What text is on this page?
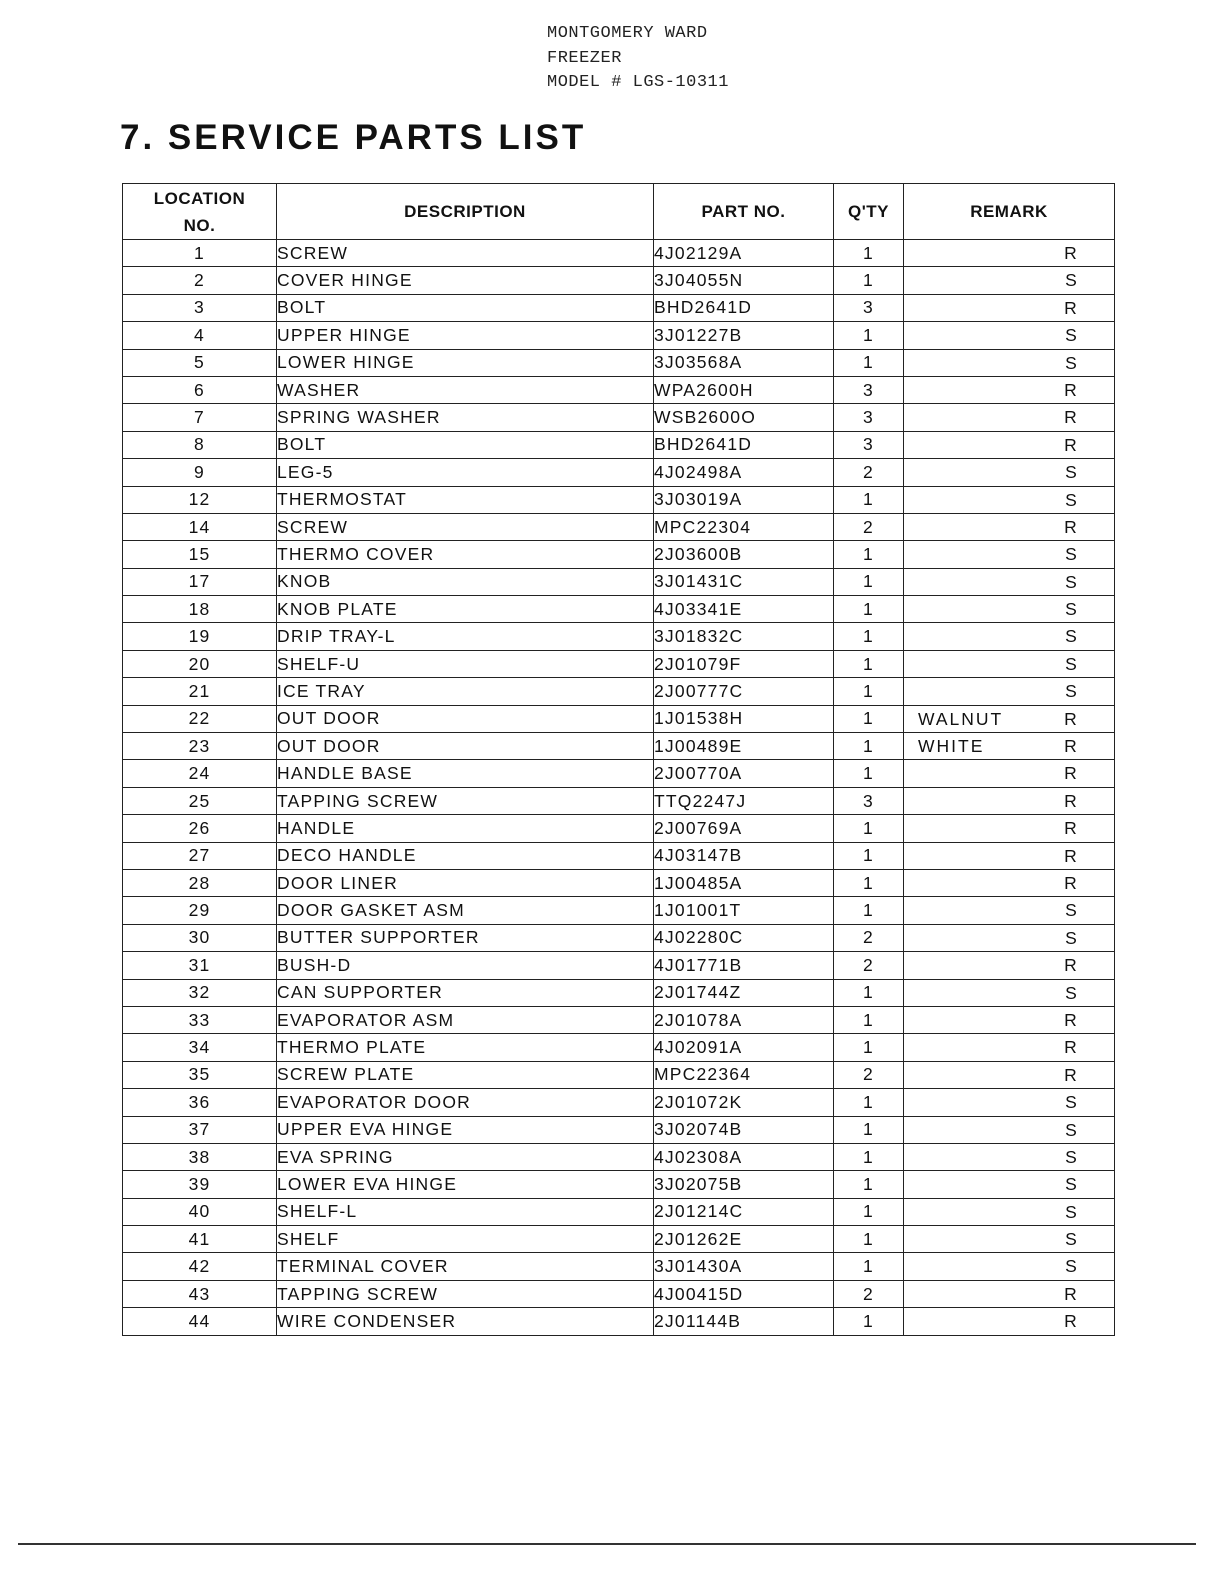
MONTGOMERY WARD
FREEZER
MODEL # LGS-10311
7. SERVICE PARTS LIST
LOCATION
NO.	DESCRIPTION	PART NO.	Q'TY	REMARK
1	SCREW	4J02129A	1	R

2	COVER HINGE	3J04055N	1	S

3	BOLT	BHD2641D	3	R

4	UPPER HINGE	3J01227B	1	S

5	LOWER HINGE	3J03568A	1	S

6	WASHER	WPA2600H	3	R

7	SPRING WASHER	WSB2600O	3	R

8	BOLT	BHD2641D	3	R

9	LEG-5	4J02498A	2	S

12	THERMOSTAT	3J03019A	1	S

14	SCREW	MPC22304	2	R

15	THERMO COVER	2J03600B	1	S

17	KNOB	3J01431C	1	S

18	KNOB PLATE	4J03341E	1	S

19	DRIP TRAY-L	3J01832C	1	S

20	SHELF-U	2J01079F	1	S

21	ICE TRAY	2J00777C	1	S

22	OUT DOOR	1J01538H	1	WALNUT R

23	OUT DOOR	1J00489E	1	WHITE R

24	HANDLE BASE	2J00770A	1	R

25	TAPPING SCREW	TTQ2247J	3	R

26	HANDLE	2J00769A	1	R

27	DECO HANDLE	4J03147B	1	R

28	DOOR LINER	1J00485A	1	R

29	DOOR GASKET ASM	1J01001T	1	S

30	BUTTER SUPPORTER	4J02280C	2	S

31	BUSH-D	4J01771B	2	R

32	CAN SUPPORTER	2J01744Z	1	S

33	EVAPORATOR ASM	2J01078A	1	R

34	THERMO PLATE	4J02091A	1	R

35	SCREW PLATE	MPC22364	2	R

36	EVAPORATOR DOOR	2J01072K	1	S

37	UPPER EVA HINGE	3J02074B	1	S

38	EVA SPRING	4J02308A	1	S

39	LOWER EVA HINGE	3J02075B	1	S

40	SHELF-L	2J01214C	1	S

41	SHELF	2J01262E	1	S

42	TERMINAL COVER	3J01430A	1	S

43	TAPPING SCREW	4J00415D	2	R

44	WIRE CONDENSER	2J01144B	1	R
